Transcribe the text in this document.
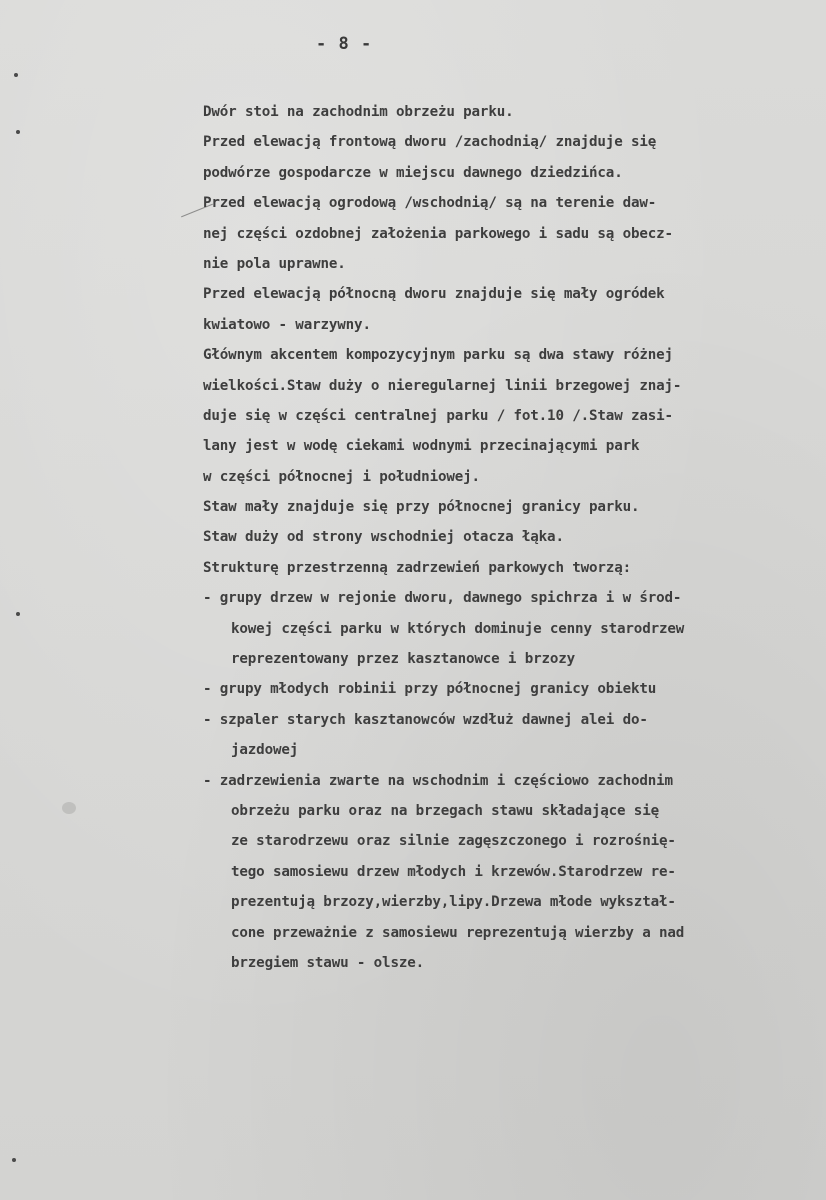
- 8 -
Dwór stoi na zachodnim obrzeżu parku.
Przed elewacją frontową dworu /zachodnią/ znajduje się
podwórze gospodarcze w miejscu dawnego dziedzińca.
Przed elewacją ogrodową /wschodnią/ są na terenie daw-
nej części ozdobnej założenia parkowego i sadu są obecz-
nie pola uprawne.
Przed elewacją północną dworu znajduje się mały ogródek
kwiatowo - warzywny.
Głównym akcentem kompozycyjnym parku są dwa stawy różnej
wielkości.Staw duży o nieregularnej linii brzegowej znaj-
duje się w części centralnej parku / fot.10 /.Staw zasi-
lany jest w wodę ciekami wodnymi przecinającymi park
w części północnej i południowej.
Staw mały znajduje się przy północnej granicy parku.
Staw duży od strony wschodniej otacza łąka.
Strukturę przestrzenną zadrzewień parkowych tworzą:
- grupy drzew w rejonie dworu, dawnego spichrza i w środ-
kowej części parku w których dominuje cenny starodrzew
reprezentowany przez kasztanowce i brzozy
- grupy młodych robinii przy północnej granicy obiektu
- szpaler starych kasztanowców wzdłuż dawnej alei do-
jazdowej
- zadrzewienia zwarte na wschodnim i częściowo zachodnim
obrzeżu parku oraz na brzegach stawu składające się
ze starodrzewu oraz silnie zagęszczonego i rozrośnię-
tego samosiewu drzew młodych i krzewów.Starodrzew re-
prezentują brzozy,wierzby,lipy.Drzewa młode wykształ-
cone przeważnie z samosiewu reprezentują wierzby a nad
brzegiem stawu - olsze.
